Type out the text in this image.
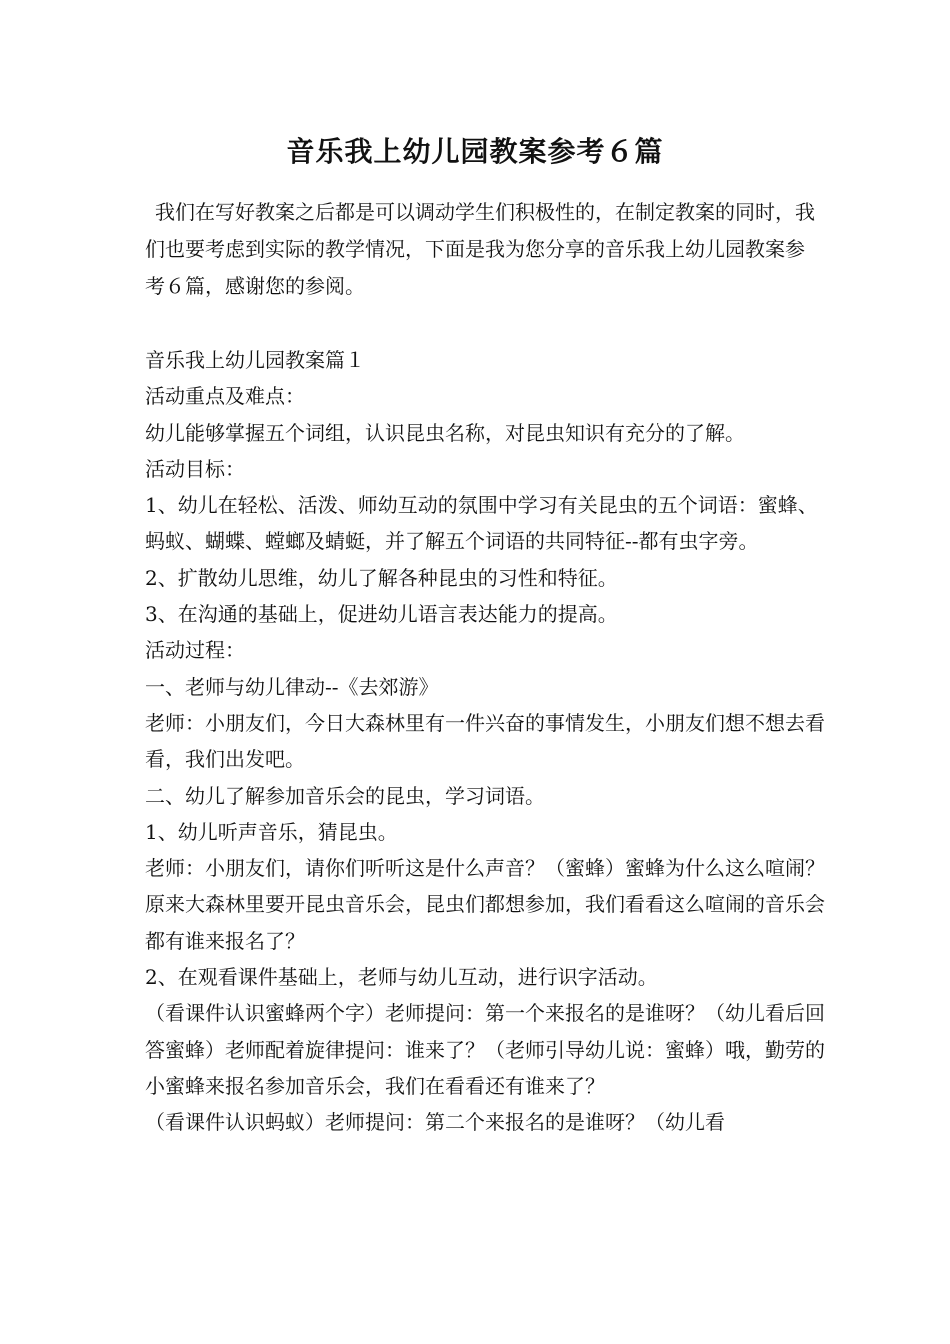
音乐我上幼儿园教案参考６篇

我们在写好教案之后都是可以调动学生们积极性的，在制定教案的同时，我们也要考虑到实际的教学情况，下面是我为您分享的音乐我上幼儿园教案参考６篇，感谢您的参阅。

音乐我上幼儿园教案篇１
活动重点及难点：
幼儿能够掌握五个词组，认识昆虫名称，对昆虫知识有充分的了解。
活动目标：
1、幼儿在轻松、活泼、师幼互动的氛围中学习有关昆虫的五个词语：蜜蜂、蚂蚁、蝴蝶、螳螂及蜻蜓，并了解五个词语的共同特征--都有虫字旁。
2、扩散幼儿思维，幼儿了解各种昆虫的习性和特征。
3、在沟通的基础上，促进幼儿语言表达能力的提高。
活动过程：
一、老师与幼儿律动--《去郊游》
老师：小朋友们，今日大森林里有一件兴奋的事情发生，小朋友们想不想去看看，我们出发吧。
二、幼儿了解参加音乐会的昆虫，学习词语。
1、幼儿听声音乐，猜昆虫。
老师：小朋友们，请你们听听这是什么声音？（蜜蜂）蜜蜂为什么这么喧闹？原来大森林里要开昆虫音乐会，昆虫们都想参加，我们看看这么喧闹的音乐会都有谁来报名了？
2、在观看课件基础上，老师与幼儿互动，进行识字活动。
（看课件认识蜜蜂两个字）老师提问：第一个来报名的是谁呀？（幼儿看后回答蜜蜂）老师配着旋律提问：谁来了？（老师引导幼儿说：蜜蜂）哦，勤劳的小蜜蜂来报名参加音乐会，我们在看看还有谁来了？
（看课件认识蚂蚁）老师提问：第二个来报名的是谁呀？（幼儿看
